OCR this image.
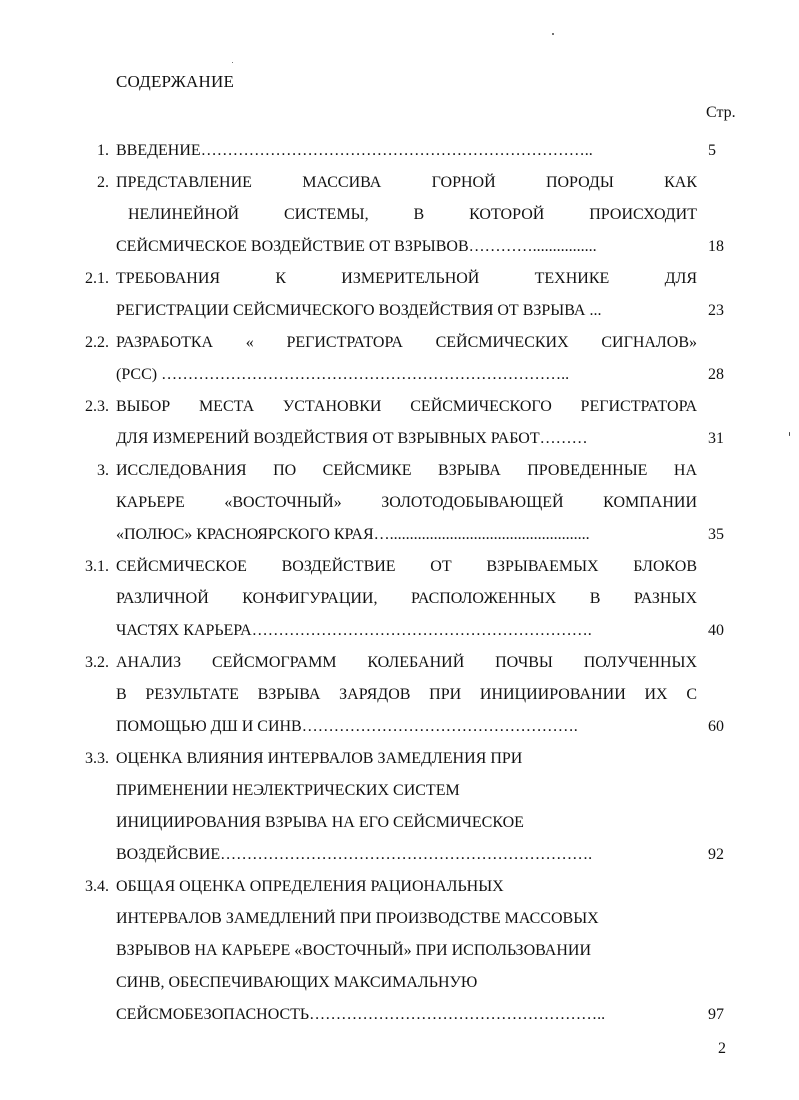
СОДЕРЖАНИЕ
Стр.
1. ВВЕДЕНИЕ………………………………………………………………..	5
2. ПРЕДСТАВЛЕНИЕ МАССИВА ГОРНОЙ ПОРОДЫ КАК
НЕЛИНЕЙНОЙ СИСТЕМЫ, В КОТОРОЙ ПРОИСХОДИТ
СЕЙСМИЧЕСКОЕ ВОЗДЕЙСТВИЕ ОТ ВЗРЫВОВ…………................	18
2.1. ТРЕБОВАНИЯ К ИЗМЕРИТЕЛЬНОЙ ТЕХНИКЕ ДЛЯ
РЕГИСТРАЦИИ СЕЙСМИЧЕСКОГО ВОЗДЕЙСТВИЯ ОТ ВЗРЫВА ...	23
2.2. РАЗРАБОТКА « РЕГИСТРАТОРА СЕЙСМИЧЕСКИХ СИГНАЛОВ»
(РСС) …………………………………………………………………..	28
2.3. ВЫБОР МЕСТА УСТАНОВКИ СЕЙСМИЧЕСКОГО РЕГИСТРАТОРА
ДЛЯ ИЗМЕРЕНИЙ ВОЗДЕЙСТВИЯ ОТ ВЗРЫВНЫХ РАБОТ………	31
3. ИССЛЕДОВАНИЯ ПО СЕЙСМИКЕ ВЗРЫВА ПРОВЕДЕННЫЕ НА
КАРЬЕРЕ «ВОСТОЧНЫЙ» ЗОЛОТОДОБЫВАЮЩЕЙ КОМПАНИИ
«ПОЛЮС» КРАСНОЯРСКОГО КРАЯ…..................................................	35
3.1. СЕЙСМИЧЕСКОЕ ВОЗДЕЙСТВИЕ ОТ ВЗРЫВАЕМЫХ БЛОКОВ
РАЗЛИЧНОЙ КОНФИГУРАЦИИ, РАСПОЛОЖЕННЫХ В РАЗНЫХ
ЧАСТЯХ КАРЬЕРА……………………………………………………….	40
3.2. АНАЛИЗ СЕЙСМОГРАММ КОЛЕБАНИЙ ПОЧВЫ ПОЛУЧЕННЫХ
В РЕЗУЛЬТАТЕ ВЗРЫВА ЗАРЯДОВ ПРИ ИНИЦИИРОВАНИИ ИХ С
ПОМОЩЬЮ ДШ И СИНВ…………………………………………….	60
3.3. ОЦЕНКА ВЛИЯНИЯ ИНТЕРВАЛОВ ЗАМЕДЛЕНИЯ ПРИ
ПРИМЕНЕНИИ НЕЭЛЕКТРИЧЕСКИХ СИСТЕМ
ИНИЦИИРОВАНИЯ ВЗРЫВА НА ЕГО СЕЙСМИЧЕСКОЕ
ВОЗДЕЙСВИЕ…………………………………………………………….	92
3.4. ОБЩАЯ ОЦЕНКА ОПРЕДЕЛЕНИЯ РАЦИОНАЛЬНЫХ
ИНТЕРВАЛОВ ЗАМЕДЛЕНИЙ ПРИ ПРОИЗВОДСТВЕ МАССОВЫХ
ВЗРЫВОВ НА КАРЬЕРЕ «ВОСТОЧНЫЙ» ПРИ ИСПОЛЬЗОВАНИИ
СИНВ, ОБЕСПЕЧИВАЮЩИХ МАКСИМАЛЬНУЮ
СЕЙСМОБЕЗОПАСНОСТЬ………………………………………………..	97
2
